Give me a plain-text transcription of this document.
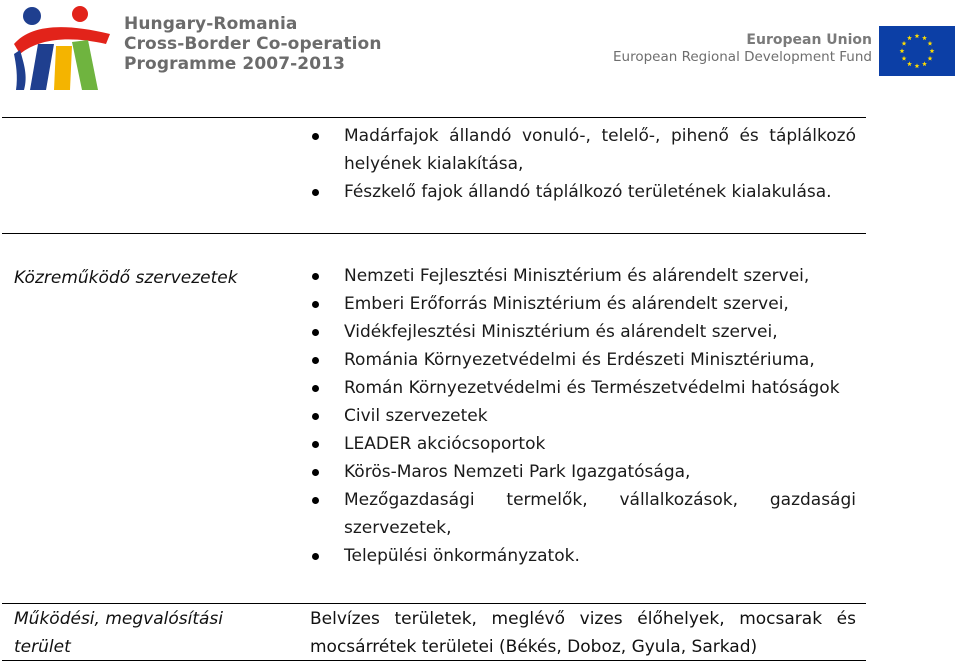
Hungary-Romania
Cross-Border Co-operation
Programme 2007-2013
European Union
European Regional Development Fund
Madárfajok állandó vonuló-, telelő-, pihenő és táplálkozó helyének kialakítása,
Fészkelő fajok állandó táplálkozó területének kialakulása.
Közreműködő szervezetek	Nemzeti Fejlesztési Minisztérium és alárendelt szervei,
Emberi Erőforrás Minisztérium és alárendelt szervei,
Vidékfejlesztési Minisztérium és alárendelt szervei,
Románia Környezetvédelmi és Erdészeti Minisztériuma,
Román Környezetvédelmi és Természetvédelmi hatóságok
Civil szervezetek
LEADER akciócsoportok
Körös-Maros Nemzeti Park Igazgatósága,
Mezőgazdasági termelők, vállalkozások, gazdasági szervezetek,
Települési önkormányzatok.
Működési, megvalósítási terület

Belvízes területek, meglévő vizes élőhelyek, mocsarak és mocsárrétek területei (Békés, Doboz, Gyula, Sarkad)
